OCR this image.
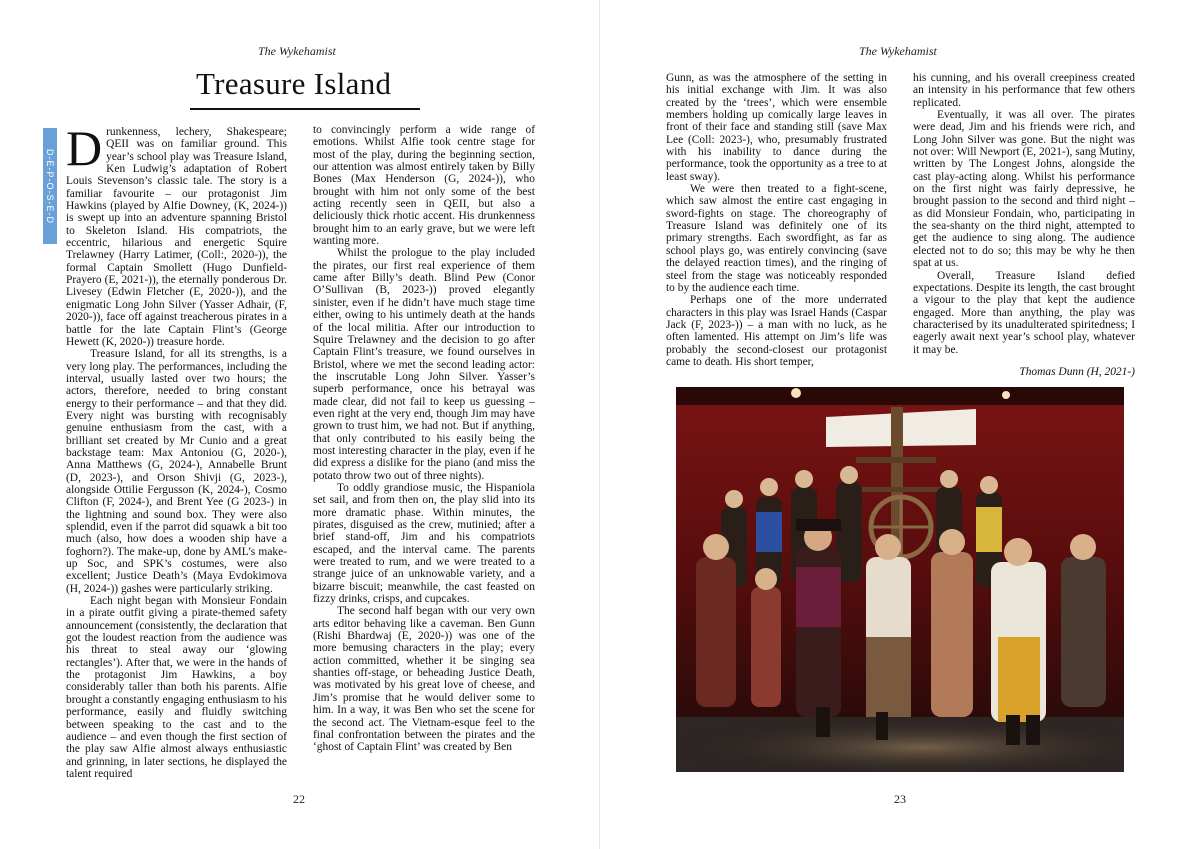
The Wykehamist
Treasure Island
D-E-P-O-S-E-D

Drunkenness, lechery, Shakespeare; QEII was on familiar ground. This year’s school play was Treasure Island, Ken Ludwig’s adaptation of Robert Louis Stevenson’s classic tale. The story is a familiar favourite – our protagonist Jim Hawkins (played by Alfie Downey, (K, 2024-)) is swept up into an adventure spanning Bristol to Skeleton Island. His compatriots, the eccentric, hilarious and energetic Squire Trelawney (Harry Latimer, (Coll:, 2020-)), the formal Captain Smollett (Hugo Dunfield-Prayero (E, 2021-)), the eternally ponderous Dr. Livesey (Edwin Fletcher (E, 2020-)), and the enigmatic Long John Silver (Yasser Adhair, (F, 2020-)), face off against treacherous pirates in a battle for the late Captain Flint’s (George Hewett (K, 2020-)) treasure horde.

Treasure Island, for all its strengths, is a very long play. The performances, including the interval, usually lasted over two hours; the actors, therefore, needed to bring constant energy to their performance – and that they did. Every night was bursting with recognisably genuine enthusiasm from the cast, with a brilliant set created by Mr Cunio and a great backstage team: Max Antoniou (G, 2020-), Anna Matthews (G, 2024-), Annabelle Brunt (D, 2023-), and Orson Shivji (G, 2023-), alongside Ottilie Fergusson (K, 2024-), Cosmo Clifton (F, 2024-), and Brent Yee (G 2023-) in the lightning and sound box. They were also splendid, even if the parrot did squawk a bit too much (also, how does a wooden ship have a foghorn?). The make-up, done by AML’s make-up Soc, and SPK’s costumes, were also excellent; Justice Death’s (Maya Evdokimova (H, 2024-)) gashes were particularly striking.

Each night began with Monsieur Fondain in a pirate outfit giving a pirate-themed safety announcement (consistently, the declaration that got the loudest reaction from the audience was his threat to steal away our ‘glowing rectangles’). After that, we were in the hands of the protagonist Jim Hawkins, a boy considerably taller than both his parents. Alfie brought a constantly engaging enthusiasm to his performance, easily and fluidly switching between speaking to the cast and to the audience – and even though the first section of the play saw Alfie almost always enthusiastic and grinning, in later sections, he displayed the talent required

to convincingly perform a wide range of emotions. Whilst Alfie took centre stage for most of the play, during the beginning section, our attention was almost entirely taken by Billy Bones (Max Henderson (G, 2024-)), who brought with him not only some of the best acting recently seen in QEII, but also a deliciously thick rhotic accent. His drunkenness brought him to an early grave, but we were left wanting more.

Whilst the prologue to the play included the pirates, our first real experience of them came after Billy’s death. Blind Pew (Conor O’Sullivan (B, 2023-)) proved elegantly sinister, even if he didn’t have much stage time either, owing to his untimely death at the hands of the local militia. After our introduction to Squire Trelawney and the decision to go after Captain Flint’s treasure, we found ourselves in Bristol, where we met the second leading actor: the inscrutable Long John Silver. Yasser’s superb performance, once his betrayal was made clear, did not fail to keep us guessing – even right at the very end, though Jim may have grown to trust him, we had not. But if anything, that only contributed to his easily being the most interesting character in the play, even if he did express a dislike for the piano (and miss the potato throw two out of three nights).

To oddly grandiose music, the Hispaniola set sail, and from then on, the play slid into its more dramatic phase. Within minutes, the pirates, disguised as the crew, mutinied; after a brief stand-off, Jim and his compatriots escaped, and the interval came. The parents were treated to rum, and we were treated to a strange juice of an unknowable variety, and a bizarre biscuit; meanwhile, the cast feasted on fizzy drinks, crisps, and cupcakes.

The second half began with our very own arts editor behaving like a caveman. Ben Gunn (Rishi Bhardwaj (E, 2020-)) was one of the more bemusing characters in the play; every action committed, whether it be singing sea shanties off-stage, or beheading Justice Death, was motivated by his great love of cheese, and Jim’s promise that he would deliver some to him. In a way, it was Ben who set the scene for the second act. The Vietnam-esque feel to the final confrontation between the pirates and the ‘ghost of Captain Flint’ was created by Ben

22
The Wykehamist

Gunn, as was the atmosphere of the setting in his initial exchange with Jim. It was also created by the ‘trees’, which were ensemble members holding up comically large leaves in front of their face and standing still (save Max Lee (Coll: 2023-), who, presumably frustrated with his inability to dance during the performance, took the opportunity as a tree to at least sway).

We were then treated to a fight-scene, which saw almost the entire cast engaging in sword-fights on stage. The choreography of Treasure Island was definitely one of its primary strengths. Each swordfight, as far as school plays go, was entirely convincing (save the delayed reaction times), and the ringing of steel from the stage was noticeably responded to by the audience each time.

Perhaps one of the more underrated characters in this play was Israel Hands (Caspar Jack (F, 2023-)) – a man with no luck, as he often lamented. His attempt on Jim’s life was probably the second-closest our protagonist came to death. His short temper,

his cunning, and his overall creepiness created an intensity in his performance that few others replicated.

Eventually, it was all over. The pirates were dead, Jim and his friends were rich, and Long John Silver was gone. But the night was not over: Will Newport (E, 2021-), sang Mutiny, written by The Longest Johns, alongside the cast play-acting along. Whilst his performance on the first night was fairly depressive, he brought passion to the second and third night – as did Monsieur Fondain, who, participating in the sea-shanty on the third night, attempted to get the audience to sing along. The audience elected not to do so; this may be why he then spat at us.

Overall, Treasure Island defied expectations. Despite its length, the cast brought a vigour to the play that kept the audience engaged. More than anything, the play was characterised by its unadulterated spiritedness; I eagerly await next year’s school play, whatever it may be.

Thomas Dunn (H, 2021-)

23
